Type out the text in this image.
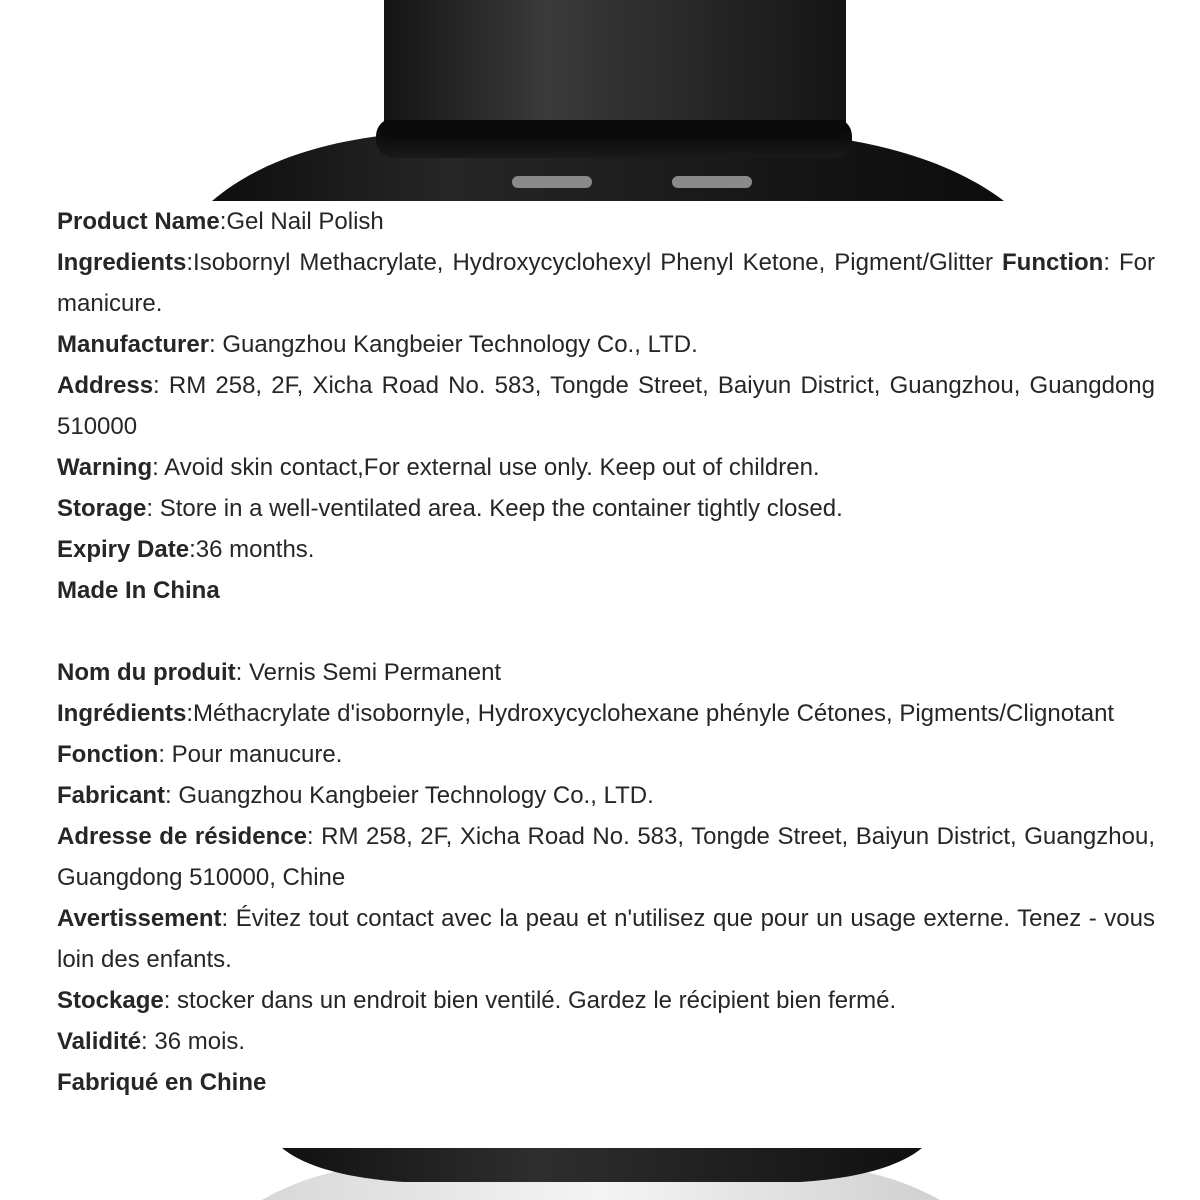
Product Name:Gel Nail Polish

Ingredients:Isobornyl Methacrylate, Hydroxycyclohexyl Phenyl Ketone, Pigment/Glitter Function: For manicure.

Manufacturer: Guangzhou Kangbeier Technology Co., LTD.

Address: RM 258, 2F, Xicha Road No. 583, Tongde Street, Baiyun District, Guangzhou, Guangdong 510000

Warning: Avoid skin contact,For external use only. Keep out of children.

Storage: Store in a well-ventilated area. Keep the container tightly closed.

Expiry Date:36 months.

Made In China

Nom du produit: Vernis Semi Permanent

Ingrédients:Méthacrylate d'isobornyle, Hydroxycyclohexane phényle Cétones, Pigments/Clignotant

Fonction: Pour manucure.

Fabricant: Guangzhou Kangbeier Technology Co., LTD.

Adresse de résidence: RM 258, 2F, Xicha Road No. 583, Tongde Street, Baiyun District, Guangzhou, Guangdong 510000, Chine

Avertissement: Évitez tout contact avec la peau et n'utilisez que pour un usage externe. Tenez - vous loin des enfants.

Stockage: stocker dans un endroit bien ventilé. Gardez le récipient bien fermé.

Validité: 36 mois.

Fabriqué en Chine
